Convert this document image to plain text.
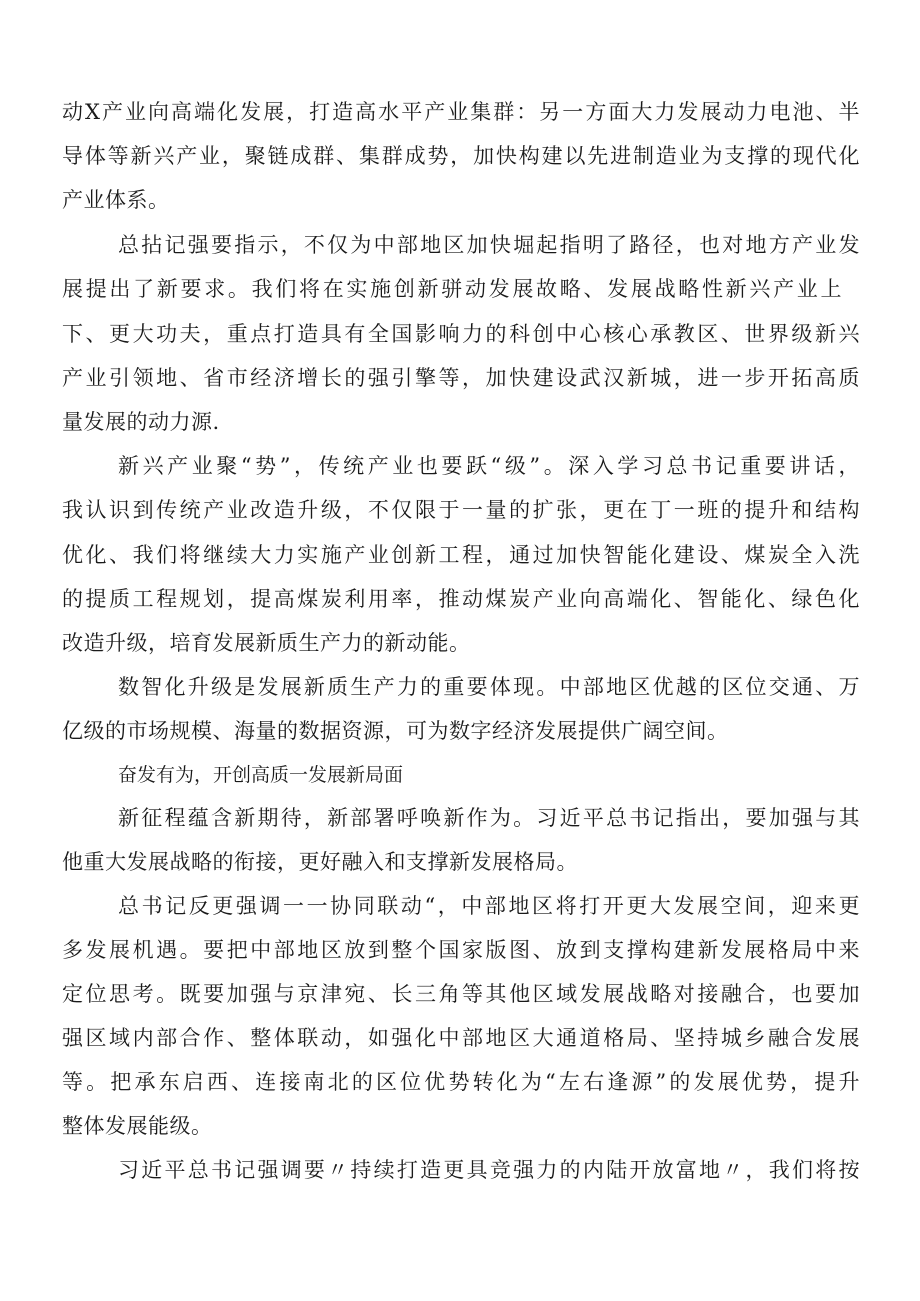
动X产业向高端化发展，打造高水平产业集群：另一方面大力发展动力电池、半
导体等新兴产业，聚链成群、集群成势，加快构建以先进制造业为支撑的现代化
产业体系。
总拈记强要指示，不仅为中部地区加快堀起指明了路径，也对地方产业发
展提出了新要求。我们将在实施创新骈动发展故略、发展战略性新兴产业上
下、更大功夫，重点打造具有全国影响力的科创中心核心承教区、世界级新兴
产业引领地、省市经济增长的强引擎等，加快建设武汉新城，进一步开拓高质
量发展的动力源.
新兴产业聚“势”，传统产业也要跃“级”。深入学习总书记重要讲话，
我认识到传统产业改造升级，不仅限于一量的扩张，更在丁一班的提升和结构
优化、我们将继续大力实施产业创新工程，通过加快智能化建设、煤炭全入洗
的提质工程规划，提高煤炭利用率，推动煤炭产业向高端化、智能化、绿色化
改造升级，培育发展新质生产力的新动能。
数智化升级是发展新质生产力的重要体现。中部地区优越的区位交通、万
亿级的市场规模、海量的数据资源，可为数字经济发展提供广阔空间。
奋发有为，开创高质一发展新局面
新征程蕴含新期待，新部署呼唤新作为。习近平总书记指出，要加强与其
他重大发展战略的衔接，更好融入和支撑新发展格局。
总书记反更强调一一协同联动“，中部地区将打开更大发展空间，迎来更
多发展机遇。要把中部地区放到整个国家版图、放到支撑构建新发展格局中来
定位思考。既要加强与京津宛、长三角等其他区域发展战略对接融合，也要加
强区域内部合作、整体联动，如强化中部地区大通道格局、坚持城乡融合发展
等。把承东启西、连接南北的区位优势转化为“左右逢源”的发展优势，提升
整体发展能级。
习近平总书记强调要〃持续打造更具竞强力的内陆开放富地〃，我们将按
